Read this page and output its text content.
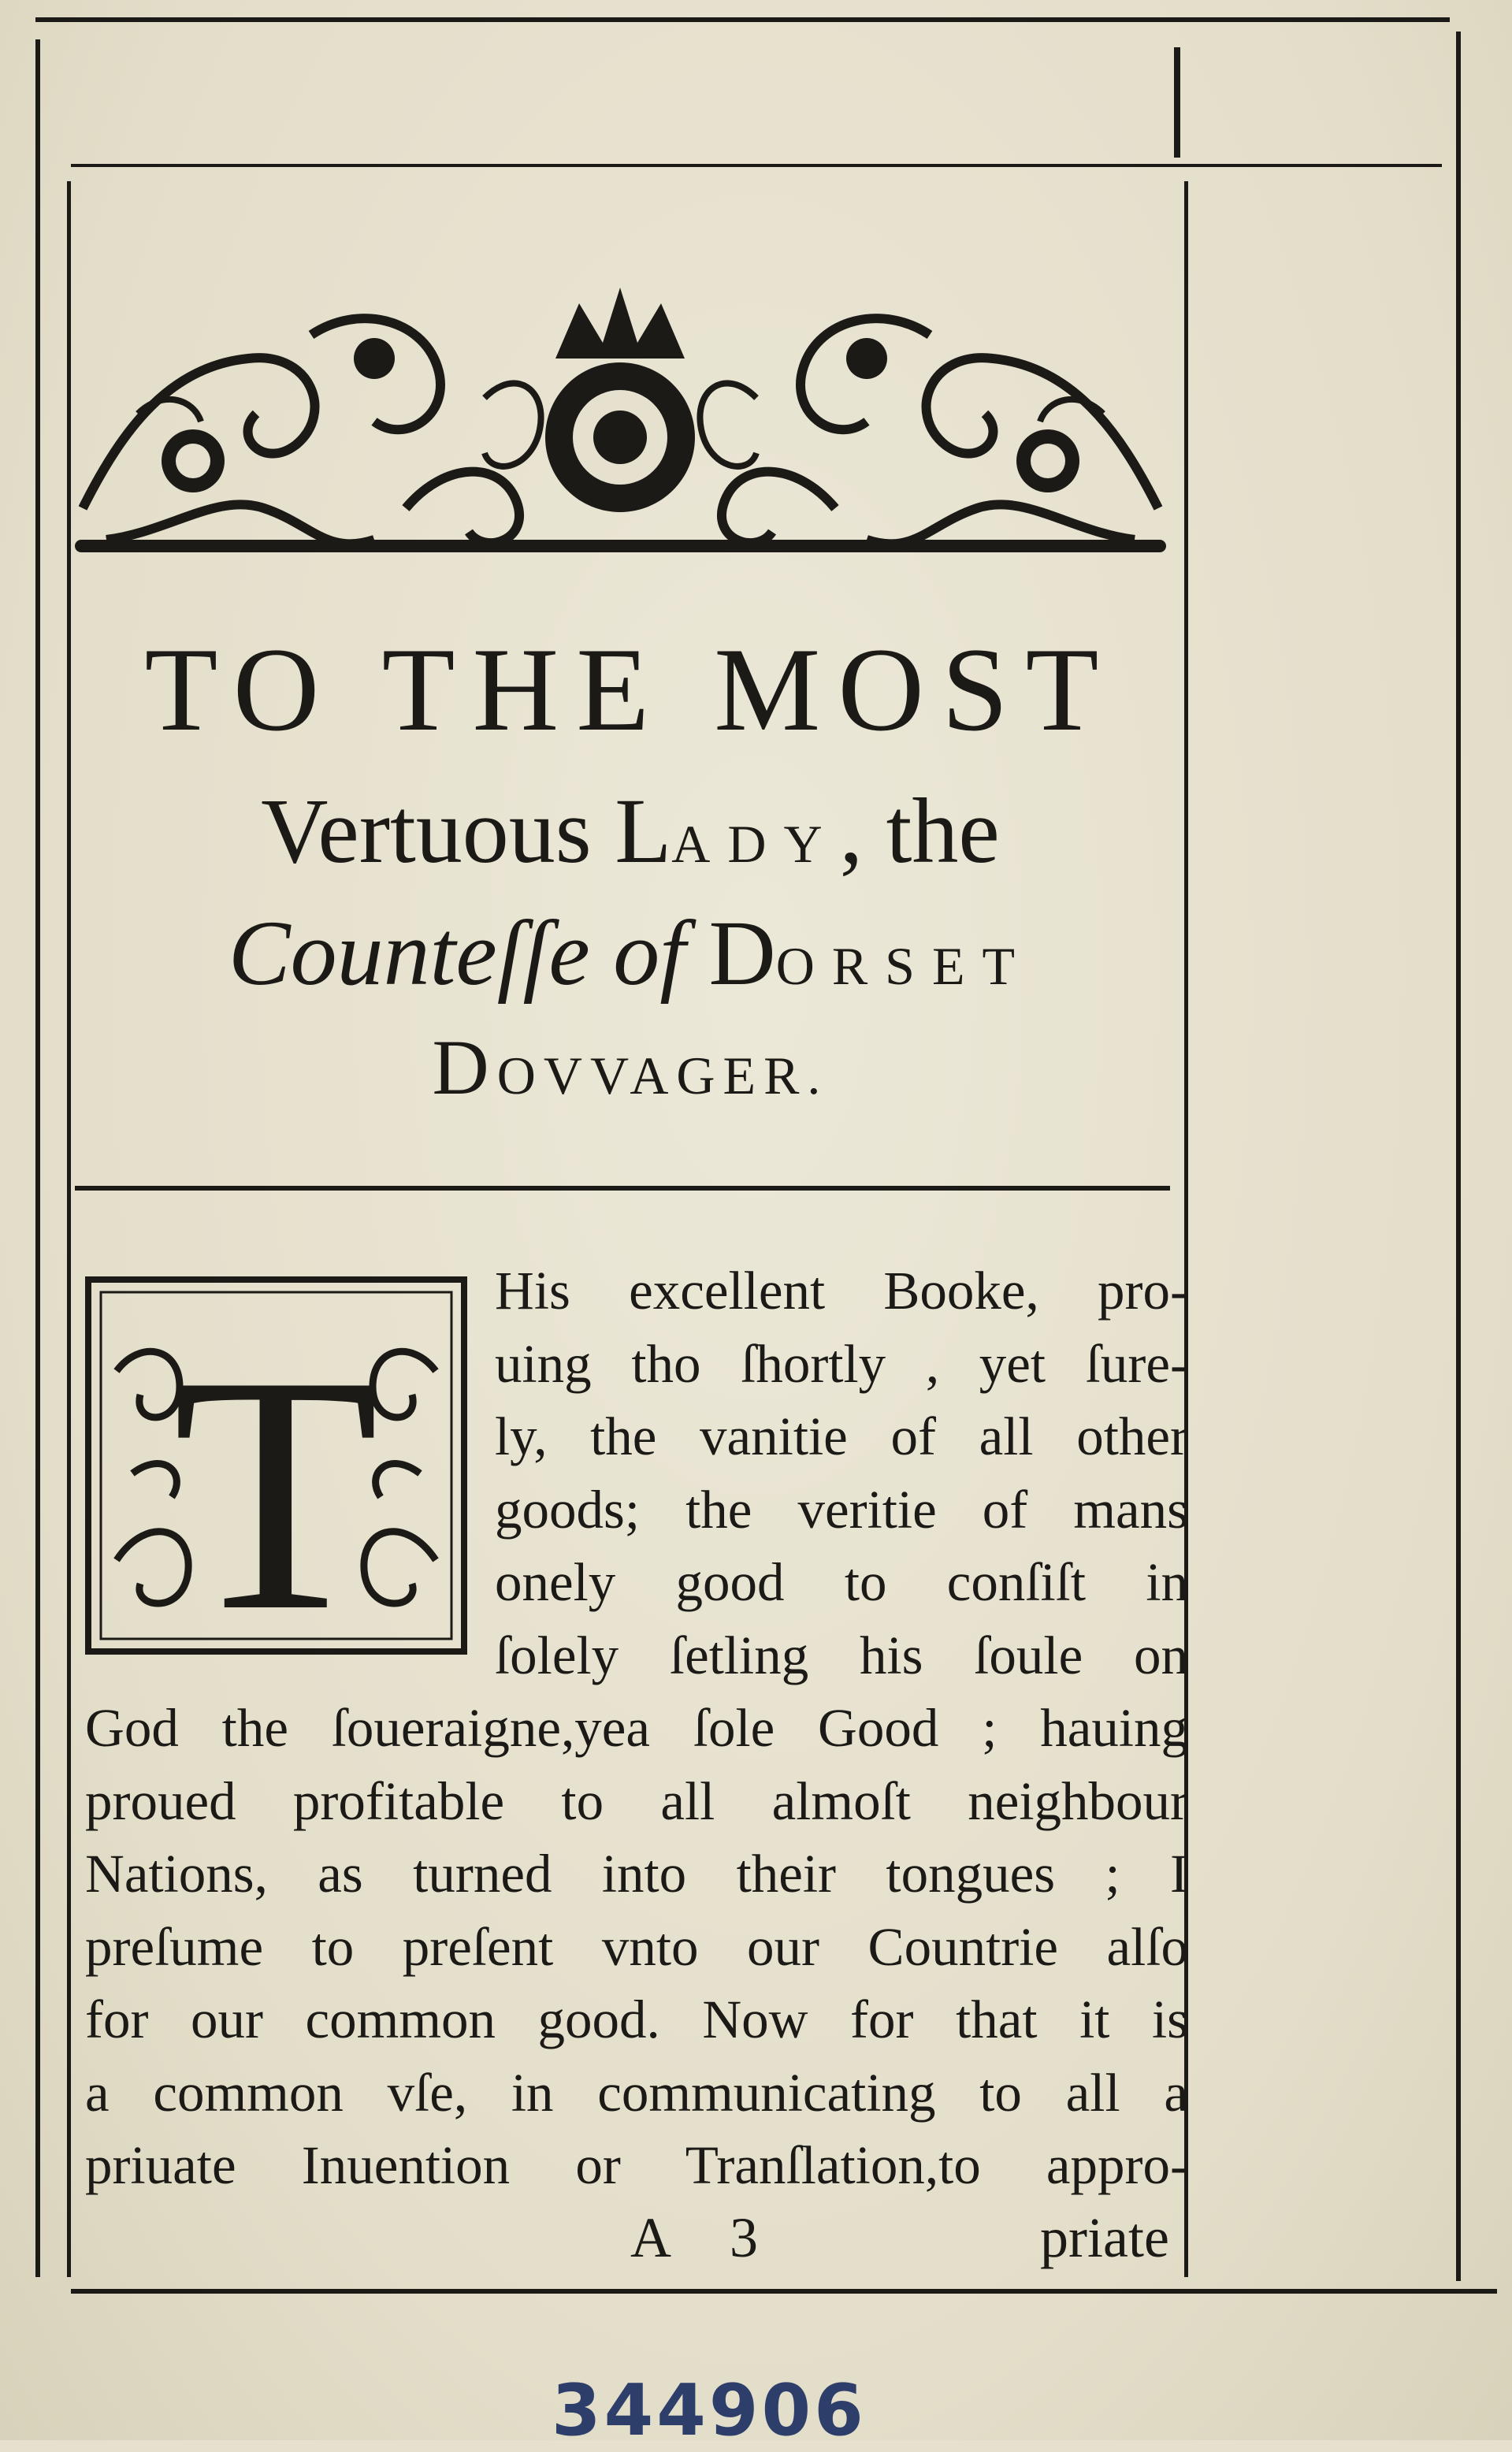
TO THE MOST
Vertuous LADY, the
Counteſſe of DORSET
DOVVAGER.
T
His excellent Booke, pro-
uing tho ſhortly , yet ſure-
ly, the vanitie of all other
goods; the veritie of mans
onely good to conſiſt in
ſolely ſetling his ſoule on
God the ſoueraigne,yea ſole Good ; hauing
proued profitable to all almoſt neighbour
Nations, as turned into their tongues ; I
preſume to preſent vnto our Countrie alſo
for our common good. Now for that it is
a common vſe, in communicating to all a
priuate Inuention or Tranſlation,to appro-
A 3	priate
344906
